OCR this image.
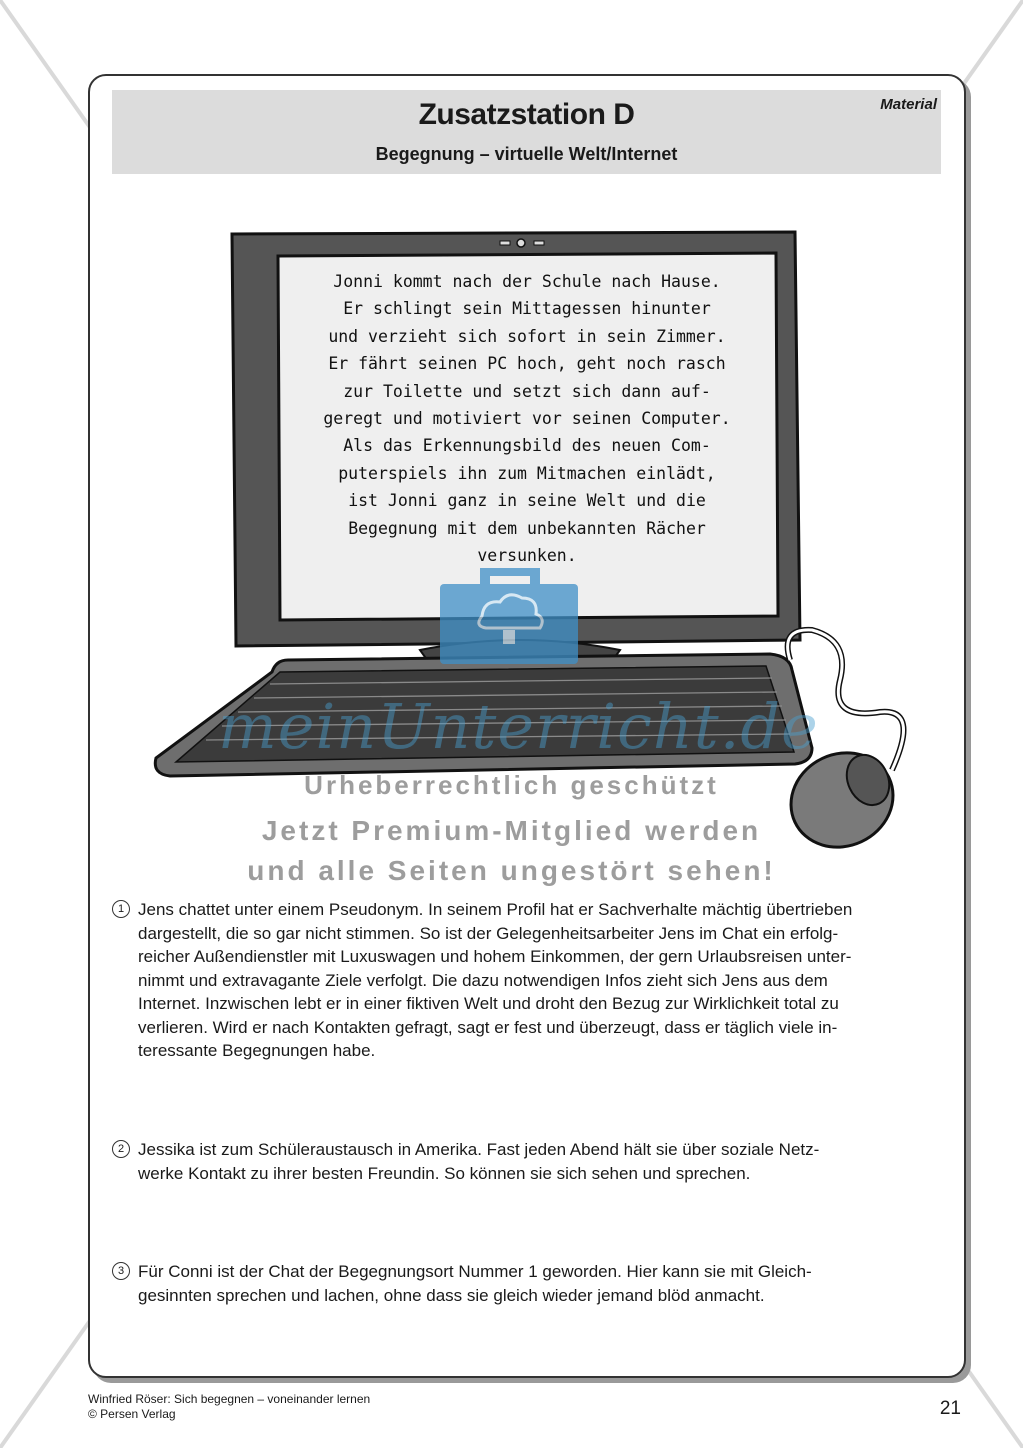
Zusatzstation D
Begegnung – virtuelle Welt/Internet
Material
Jonni kommt nach der Schule nach Hause.
Er schlingt sein Mittagessen hinunter
und verzieht sich sofort in sein Zimmer.
Er fährt seinen PC hoch, geht noch rasch
zur Toilette und setzt sich dann auf-
geregt und motiviert vor seinen Computer.
Als das Erkennungsbild des neuen Com-
puterspiels ihn zum Mitmachen einlädt,
ist Jonni ganz in seine Welt und die
Begegnung mit dem unbekannten Rächer
versunken.
meinUnterricht.de
Urheberrechtlich geschützt
Jetzt Premium-Mitglied werden
und alle Seiten ungestört sehen!
1 Jens chattet unter einem Pseudonym. In seinem Profil hat er Sachverhalte mächtig übertrieben
dargestellt, die so gar nicht stimmen. So ist der Gelegenheitsarbeiter Jens im Chat ein erfolg-
reicher Außendienstler mit Luxuswagen und hohem Einkommen, der gern Urlaubsreisen unter-
nimmt und extravagante Ziele verfolgt. Die dazu notwendigen Infos zieht sich Jens aus dem
Internet. Inzwischen lebt er in einer fiktiven Welt und droht den Bezug zur Wirklichkeit total zu
verlieren. Wird er nach Kontakten gefragt, sagt er fest und überzeugt, dass er täglich viele in-
teressante Begegnungen habe.
2 Jessika ist zum Schüleraustausch in Amerika. Fast jeden Abend hält sie über soziale Netz-
werke Kontakt zu ihrer besten Freundin. So können sie sich sehen und sprechen.
3 Für Conni ist der Chat der Begegnungsort Nummer 1 geworden. Hier kann sie mit Gleich-
gesinnten sprechen und lachen, ohne dass sie gleich wieder jemand blöd anmacht.
Winfried Röser: Sich begegnen – voneinander lernen
© Persen Verlag	21
